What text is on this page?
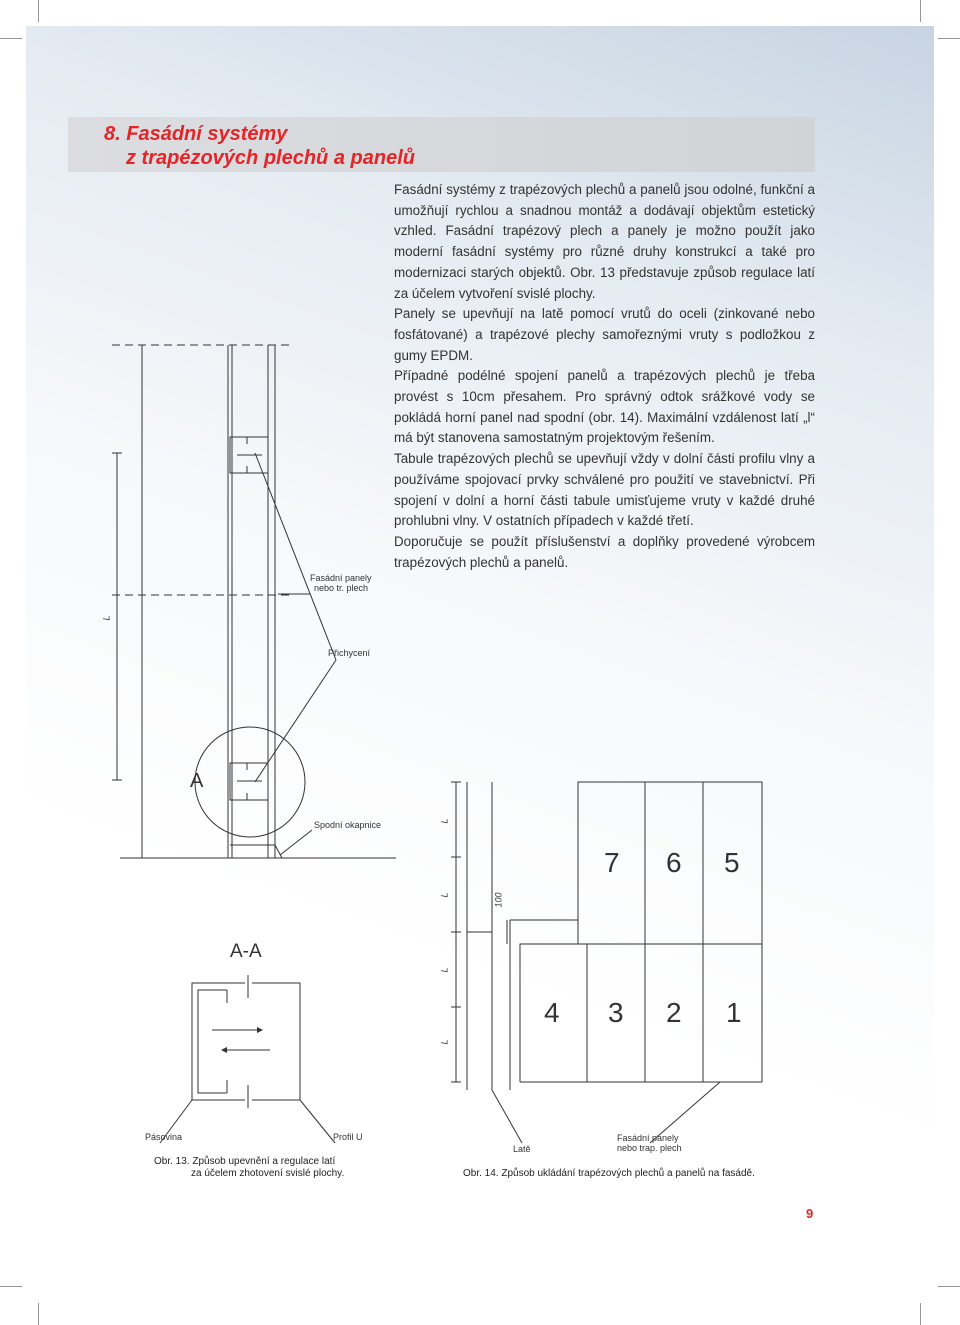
8. Fasádní systémy
z trapézových plechů a panelů

Fasádní systémy z trapézových plechů a panelů jsou odolné, funkční a umožňují rychlou a snadnou montáž a dodávají objektům estetický vzhled. Fasádní trapézový plech a panely je možno použít jako moderní fasádní systémy pro různé druhy konstrukcí a také pro modernizaci starých objektů. Obr. 13 představuje způsob regulace latí za účelem vytvoření svislé plochy.

Panely se upevňují na latě pomocí vrutů do oceli (zinkované nebo fosfátované) a trapézové plechy samořeznými vruty s podložkou z gumy EPDM.

Případné podélné spojení panelů a trapézových plechů je třeba provést s 10cm přesahem. Pro správný odtok srážkové vody se pokládá horní panel nad spodní (obr. 14). Maximální vzdálenost latí „l“ má být stanovena samostatným projektovým řešením.

Tabule trapézových plechů se upevňují vždy v dolní části profilu vlny a používáme spojovací prvky schválené pro použití ve stavebnictví. Při spojení v dolní a horní části tabule umisťujeme vruty v každé druhé prohlubni vlny. V ostatních případech v každé třetí.

Doporučuje se použít příslušenství a doplňky provedené výrobcem trapézových plechů a panelů.

Fasádní panely
nebo tr. plech
L
Přichycení
A
Spodní okapnice
A-A
Pásovina	Profil U
Obr. 13. Způsob upevnění a regulace latí
za účelem zhotovení svislé plochy.
L
L
L
L
100
7 6 5
4 3 2 1
Latě
Fasádní panely
nebo trap. plech
Obr. 14. Způsob ukládání trapézových plechů a panelů na fasádě.
9
